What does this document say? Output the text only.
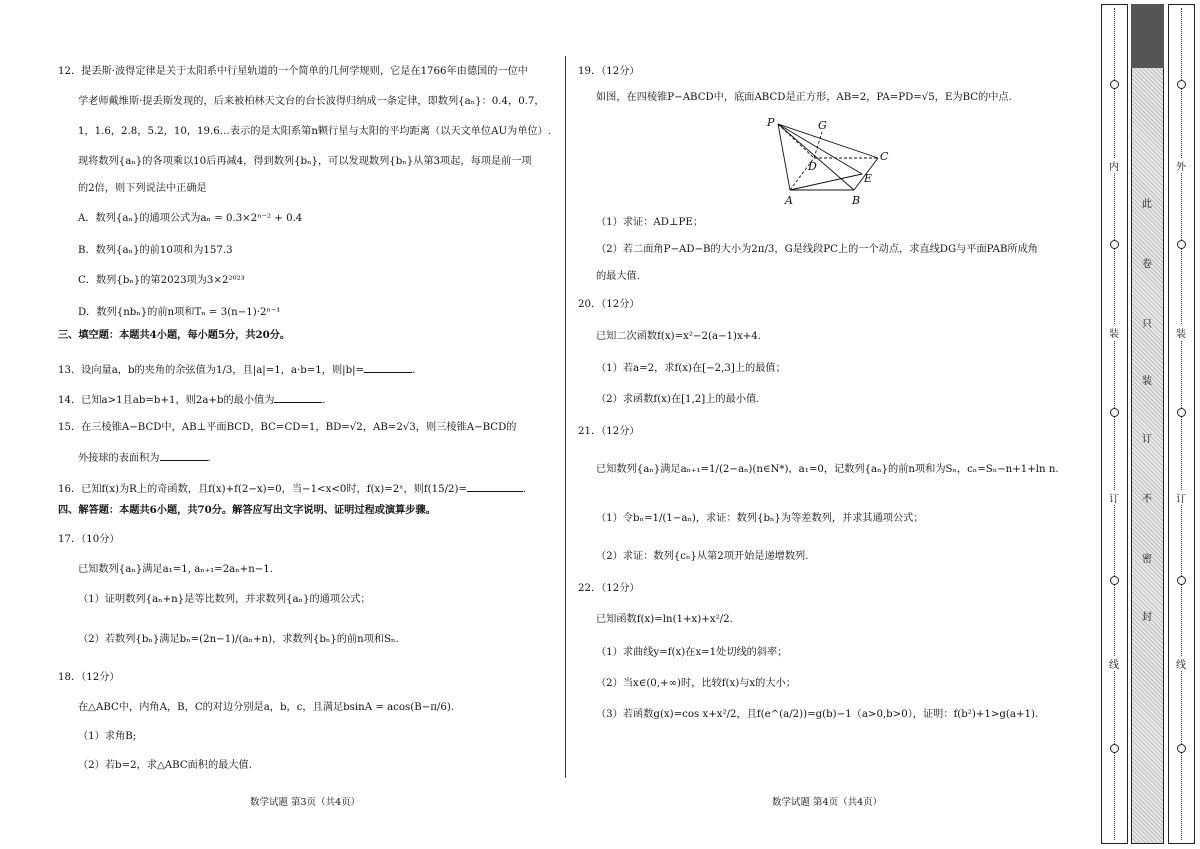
12．提丢斯·波得定律是关于太阳系中行星轨道的一个简单的几何学规则，它是在1766年由德国的一位中
学老师戴维斯·提丢斯发现的，后来被柏林天文台的台长波得归纳成一条定律，即数列{aₙ}：0.4，0.7，
1，1.6，2.8，5.2，10，19.6…表示的是太阳系第n颗行星与太阳的平均距离（以天文单位AU为单位）.
现将数列{aₙ}的各项乘以10后再减4，得到数列{bₙ}，可以发现数列{bₙ}从第3项起，每项是前一项
的2倍，则下列说法中正确是
A．数列{aₙ}的通项公式为aₙ = 0.3×2ⁿ⁻² + 0.4
B．数列{aₙ}的前10项和为157.3
C．数列{bₙ}的第2023项为3×2²⁰²³
D．数列{nbₙ}的前n项和Tₙ = 3(n−1)·2ⁿ⁻¹
三、填空题：本题共4小题，每小题5分，共20分。
13．设向量a，b的夹角的余弦值为1/3，且|a|=1，a·b=1，则|b|=	.
14．已知a>1且ab=b+1，则2a+b的最小值为	.
15．在三棱锥A−BCD中，AB⊥平面BCD，BC=CD=1，BD=√2，AB=2√3，则三棱锥A−BCD的
外接球的表面积为	.
16．已知f(x)为R上的奇函数，且f(x)+f(2−x)=0，当−1<x<0时，f(x)=2ˣ，则f(15/2)=	.
四、解答题：本题共6小题，共70分。解答应写出文字说明、证明过程或演算步骤。
17．（10分）
已知数列{aₙ}满足a₁=1, aₙ₊₁=2aₙ+n−1.
（1）证明数列{aₙ+n}是等比数列，并求数列{aₙ}的通项公式；
（2）若数列{bₙ}满足bₙ=(2n−1)/(aₙ+n)，求数列{bₙ}的前n项和Sₙ.
18．（12分）
在△ABC中，内角A，B，C的对边分别是a，b，c，且满足bsinA = acos(B−π/6).
（1）求角B;
（2）若b=2，求△ABC面积的最大值.
19．（12分）
如图，在四棱锥P−ABCD中，底面ABCD是正方形，AB=2，PA=PD=√5，E为BC的中点.
P	G
C
D
E
A	B
（1）求证：AD⊥PE；
（2）若二面角P−AD−B的大小为2π/3，G是线段PC上的一个动点，求直线DG与平面PAB所成角
的最大值.
20．（12分）
已知二次函数f(x)=x²−2(a−1)x+4.
（1）若a=2，求f(x)在[−2,3]上的最值；
（2）求函数f(x)在[1,2]上的最小值.
21．（12分）
已知数列{aₙ}满足aₙ₊₁=1/(2−aₙ)(n∈N*)，a₁=0，记数列{aₙ}的前n项和为Sₙ，cₙ=Sₙ−n+1+ln n.
（1）令bₙ=1/(1−aₙ)，求证：数列{bₙ}为等差数列，并求其通项公式；
（2）求证：数列{cₙ}从第2项开始是递增数列.
22．（12分）
已知函数f(x)=ln(1+x)+x²/2.
（1）求曲线y=f(x)在x=1处切线的斜率；
（2）当x∈(0,+∞)时，比较f(x)与x的大小；
（3）若函数g(x)=cos x+x²/2，且f(e^(a/2))=g(b)−1（a>0,b>0），证明：f(b²)+1>g(a+1).
数学试题 第3页（共4页）	数学试题 第4页（共4页）
内
装
订
线
此
卷
只
装
订
不
密
封
外
装
订
线
